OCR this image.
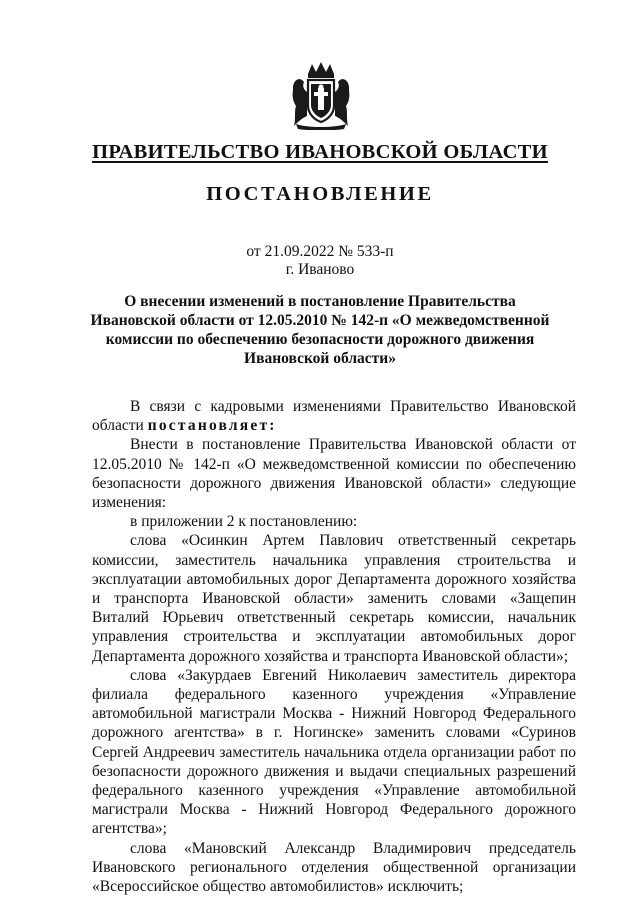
ПРАВИТЕЛЬСТВО ИВАНОВСКОЙ ОБЛАСТИ
ПОСТАНОВЛЕНИЕ
от 21.09.2022 № 533-п
г. Иваново
О внесении изменений в постановление Правительства
Ивановской области от 12.05.2010 № 142-п «О межведомственной
комиссии по обеспечению безопасности дорожного движения
Ивановской области»

В связи с кадровыми изменениями Правительство Ивановской области постановляет:

Внести в постановление Правительства Ивановской области от 12.05.2010 № 142-п «О межведомственной комиссии по обеспечению безопасности дорожного движения Ивановской области» следующие изменения:

в приложении 2 к постановлению:

слова «Осинкин Артем Павлович ответственный секретарь комиссии, заместитель начальника управления строительства и эксплуатации автомобильных дорог Департамента дорожного хозяйства и транспорта Ивановской области» заменить словами «Защепин Виталий Юрьевич ответственный секретарь комиссии, начальник управления строительства и эксплуатации автомобильных дорог Департамента дорожного хозяйства и транспорта Ивановской области»;

слова «Закурдаев Евгений Николаевич заместитель директора филиала федерального казенного учреждения «Управление автомобильной магистрали Москва - Нижний Новгород Федерального дорожного агентства» в г. Ногинске» заменить словами «Суринов Сергей Андреевич заместитель начальника отдела организации работ по безопасности дорожного движения и выдачи специальных разрешений федерального казенного учреждения «Управление автомобильной магистрали Москва - Нижний Новгород Федерального дорожного агентства»;

слова «Мановский Александр Владимирович председатель Ивановского регионального отделения общественной организации «Всероссийское общество автомобилистов» исключить;
